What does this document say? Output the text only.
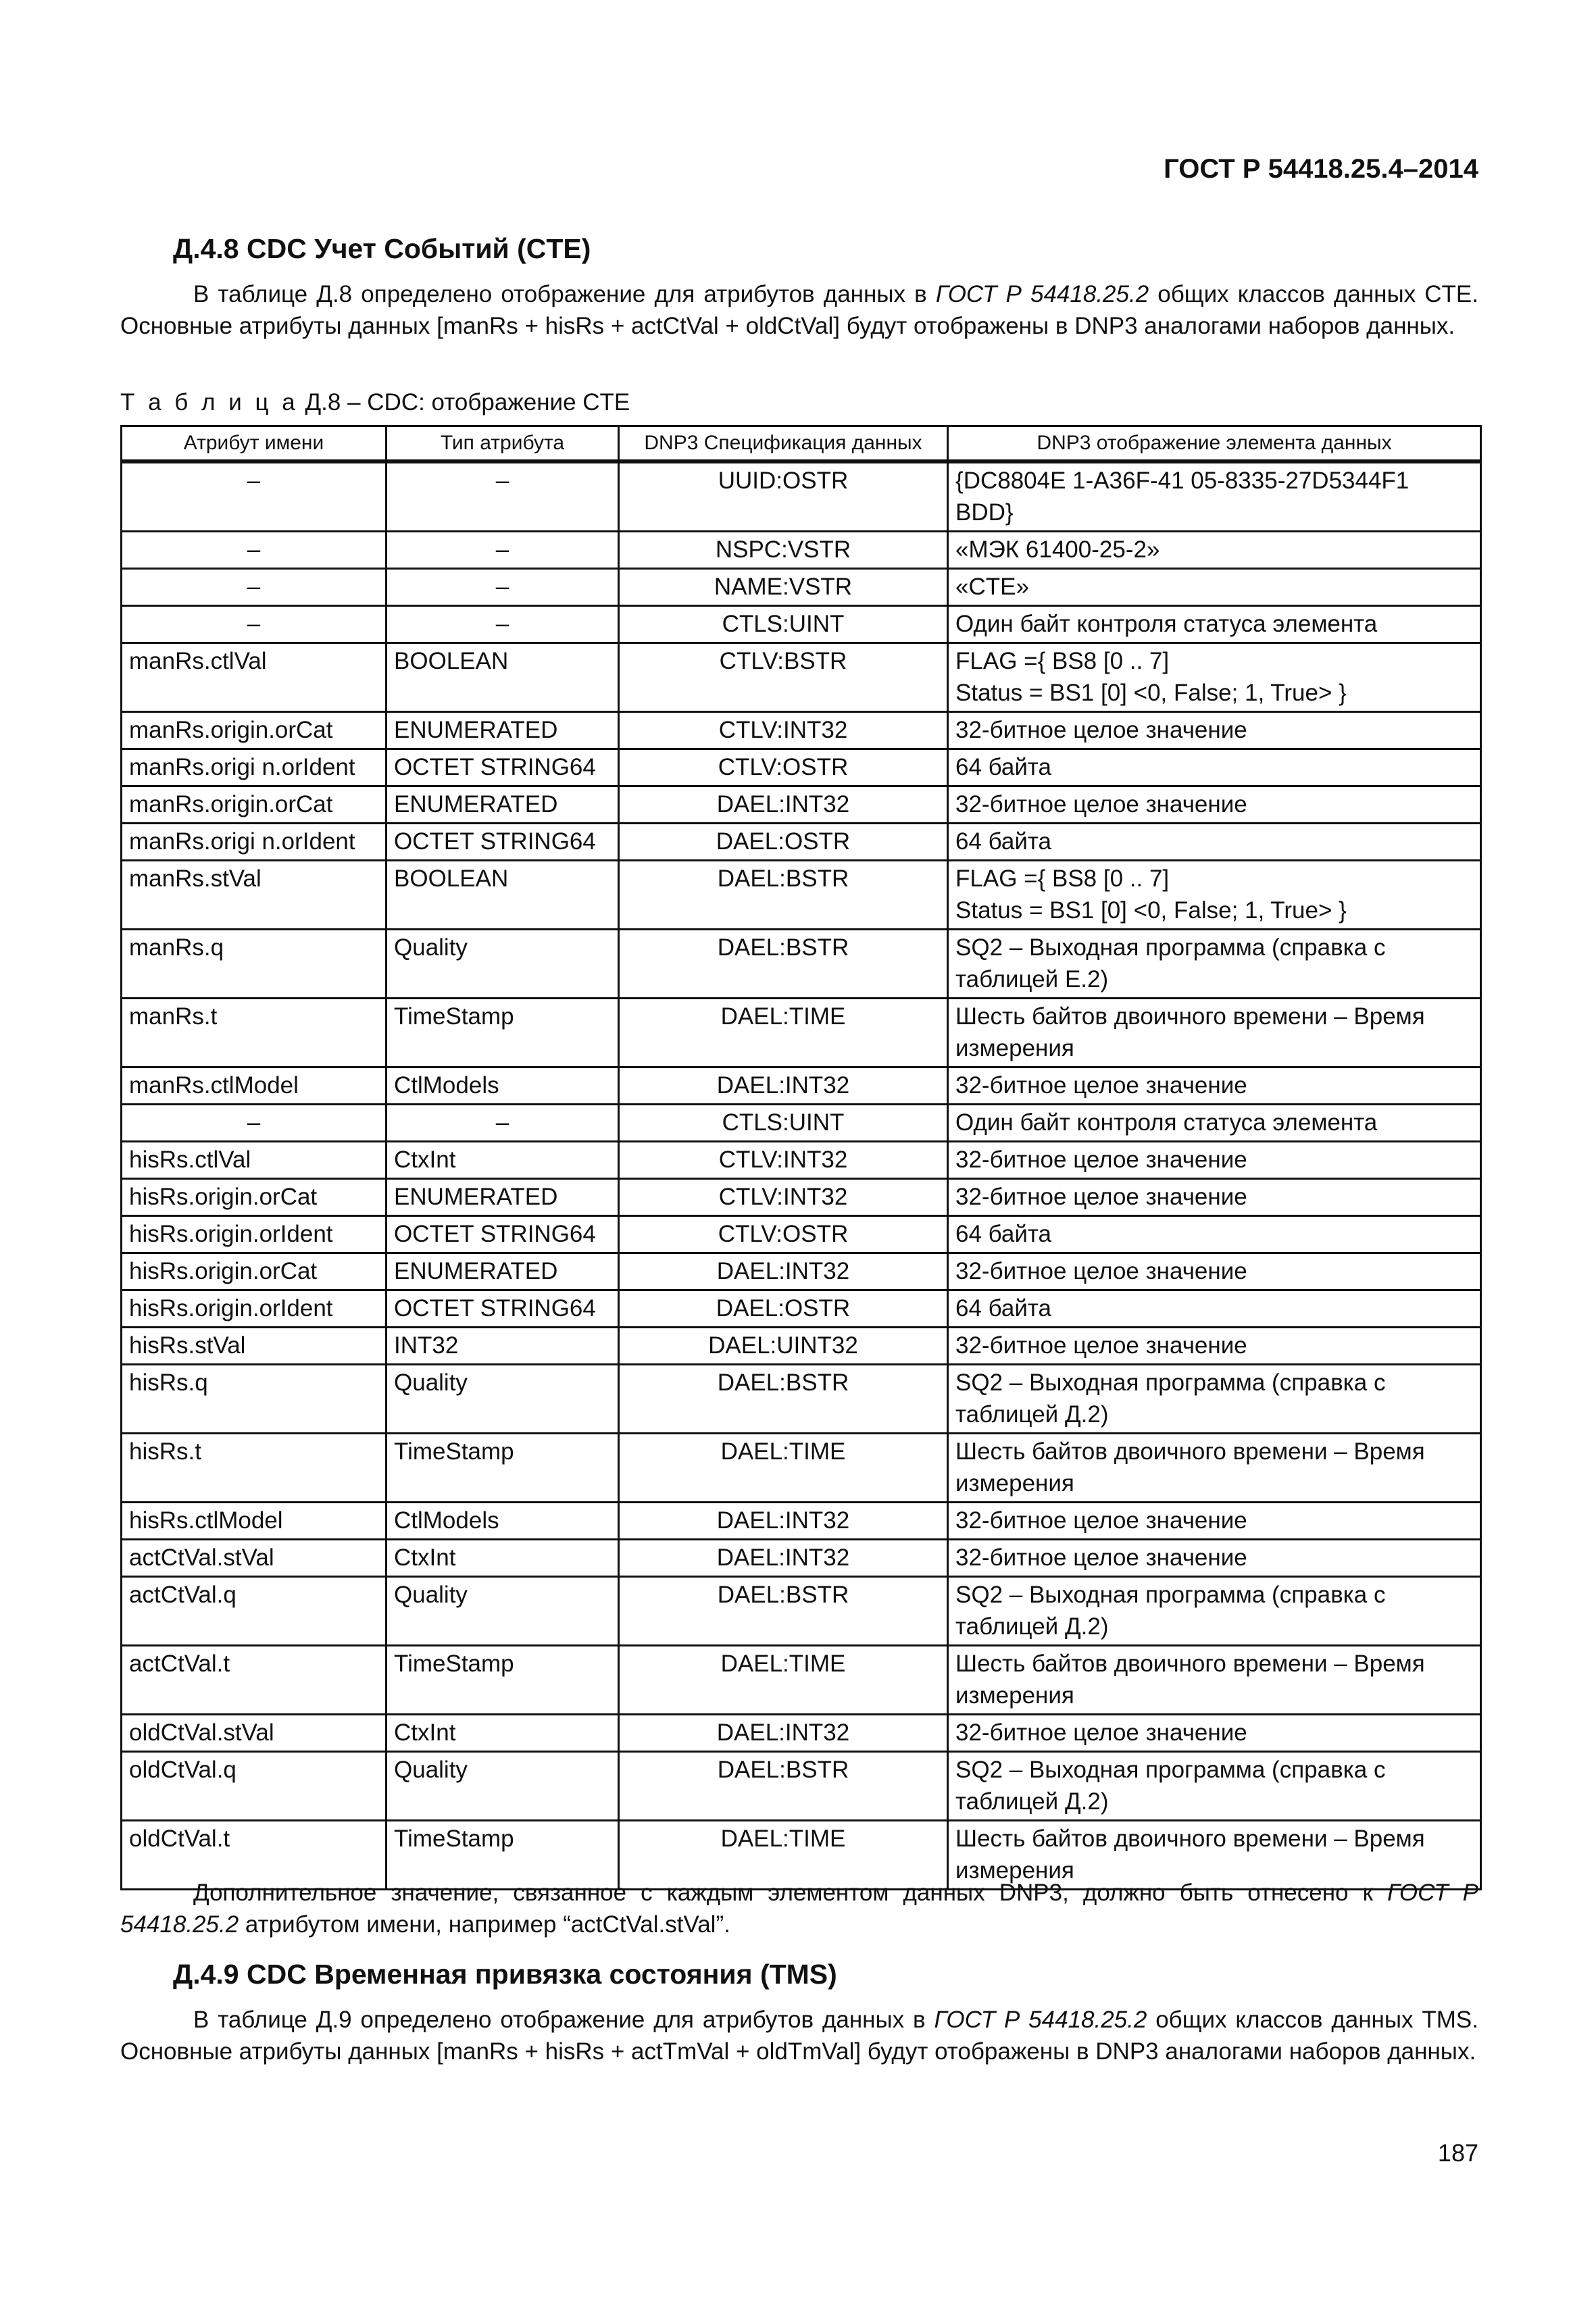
ГОСТ Р 54418.25.4–2014
Д.4.8 CDC Учет Событий (CTE)
В таблице Д.8 определено отображение для атрибутов данных в ГОСТ Р 54418.25.2 общих классов данных CTE. Основные атрибуты данных [manRs + hisRs + actCtVal + oldCtVal] будут отображены в DNP3 аналогами наборов данных.
Т а б л и ц а Д.8 – CDC: отображение CTE
Атрибут имени	Тип атрибута	DNP3 Спецификация данных	DNP3 отображение элемента данных
–	–	UUID:OSTR	{DC8804E 1-A36F-41 05-8335-27D5344F1 BDD}
–	–	NSPC:VSTR	«МЭК 61400-25-2»
–	–	NAME:VSTR	«CTE»
–	–	CTLS:UINT	Один байт контроля статуса элемента
manRs.ctlVal	BOOLEAN	CTLV:BSTR	FLAG ={ BS8 [0 .. 7]
Status = BS1 [0] <0, False; 1, True> }
manRs.origin.orCat	ENUMERATED	CTLV:INT32	32-битное целое значение
manRs.origi n.orIdent	OCTET STRING64	CTLV:OSTR	64 байта
manRs.origin.orCat	ENUMERATED	DAEL:INT32	32-битное целое значение
manRs.origi n.orIdent	OCTET STRING64	DAEL:OSTR	64 байта
manRs.stVal	BOOLEAN	DAEL:BSTR	FLAG ={ BS8 [0 .. 7]
Status = BS1 [0] <0, False; 1, True> }
manRs.q	Quality	DAEL:BSTR	SQ2 – Выходная программа (справка с таблицей Е.2)
manRs.t	TimeStamp	DAEL:TIME	Шесть байтов двоичного времени – Время измерения
manRs.ctlModel	CtlModels	DAEL:INT32	32-битное целое значение
–	–	CTLS:UINT	Один байт контроля статуса элемента
hisRs.ctlVal	CtxInt	CTLV:INT32	32-битное целое значение
hisRs.origin.orCat	ENUMERATED	CTLV:INT32	32-битное целое значение
hisRs.origin.orIdent	OCTET STRING64	CTLV:OSTR	64 байта
hisRs.origin.orCat	ENUMERATED	DAEL:INT32	32-битное целое значение
hisRs.origin.orIdent	OCTET STRING64	DAEL:OSTR	64 байта
hisRs.stVal	INT32	DAEL:UINT32	32-битное целое значение
hisRs.q	Quality	DAEL:BSTR	SQ2 – Выходная программа (справка с таблицей Д.2)
hisRs.t	TimeStamp	DAEL:TIME	Шесть байтов двоичного времени – Время измерения
hisRs.ctlModel	CtlModels	DAEL:INT32	32-битное целое значение
actCtVal.stVal	CtxInt	DAEL:INT32	32-битное целое значение
actCtVal.q	Quality	DAEL:BSTR	SQ2 – Выходная программа (справка с таблицей Д.2)
actCtVal.t	TimeStamp	DAEL:TIME	Шесть байтов двоичного времени – Время измерения
oldCtVal.stVal	CtxInt	DAEL:INT32	32-битное целое значение
oldCtVal.q	Quality	DAEL:BSTR	SQ2 – Выходная программа (справка с таблицей Д.2)
oldCtVal.t	TimeStamp	DAEL:TIME	Шесть байтов двоичного времени – Время измерения
Дополнительное значение, связанное с каждым элементом данных DNP3, должно быть отнесено к ГОСТ Р 54418.25.2 атрибутом имени, например “actCtVal.stVal”.
Д.4.9 CDC Временная привязка состояния (TMS)
В таблице Д.9 определено отображение для атрибутов данных в ГОСТ Р 54418.25.2 общих классов данных TMS. Основные атрибуты данных [manRs + hisRs + actTmVal + oldTmVal] будут отображены в DNP3 аналогами наборов данных.
187
